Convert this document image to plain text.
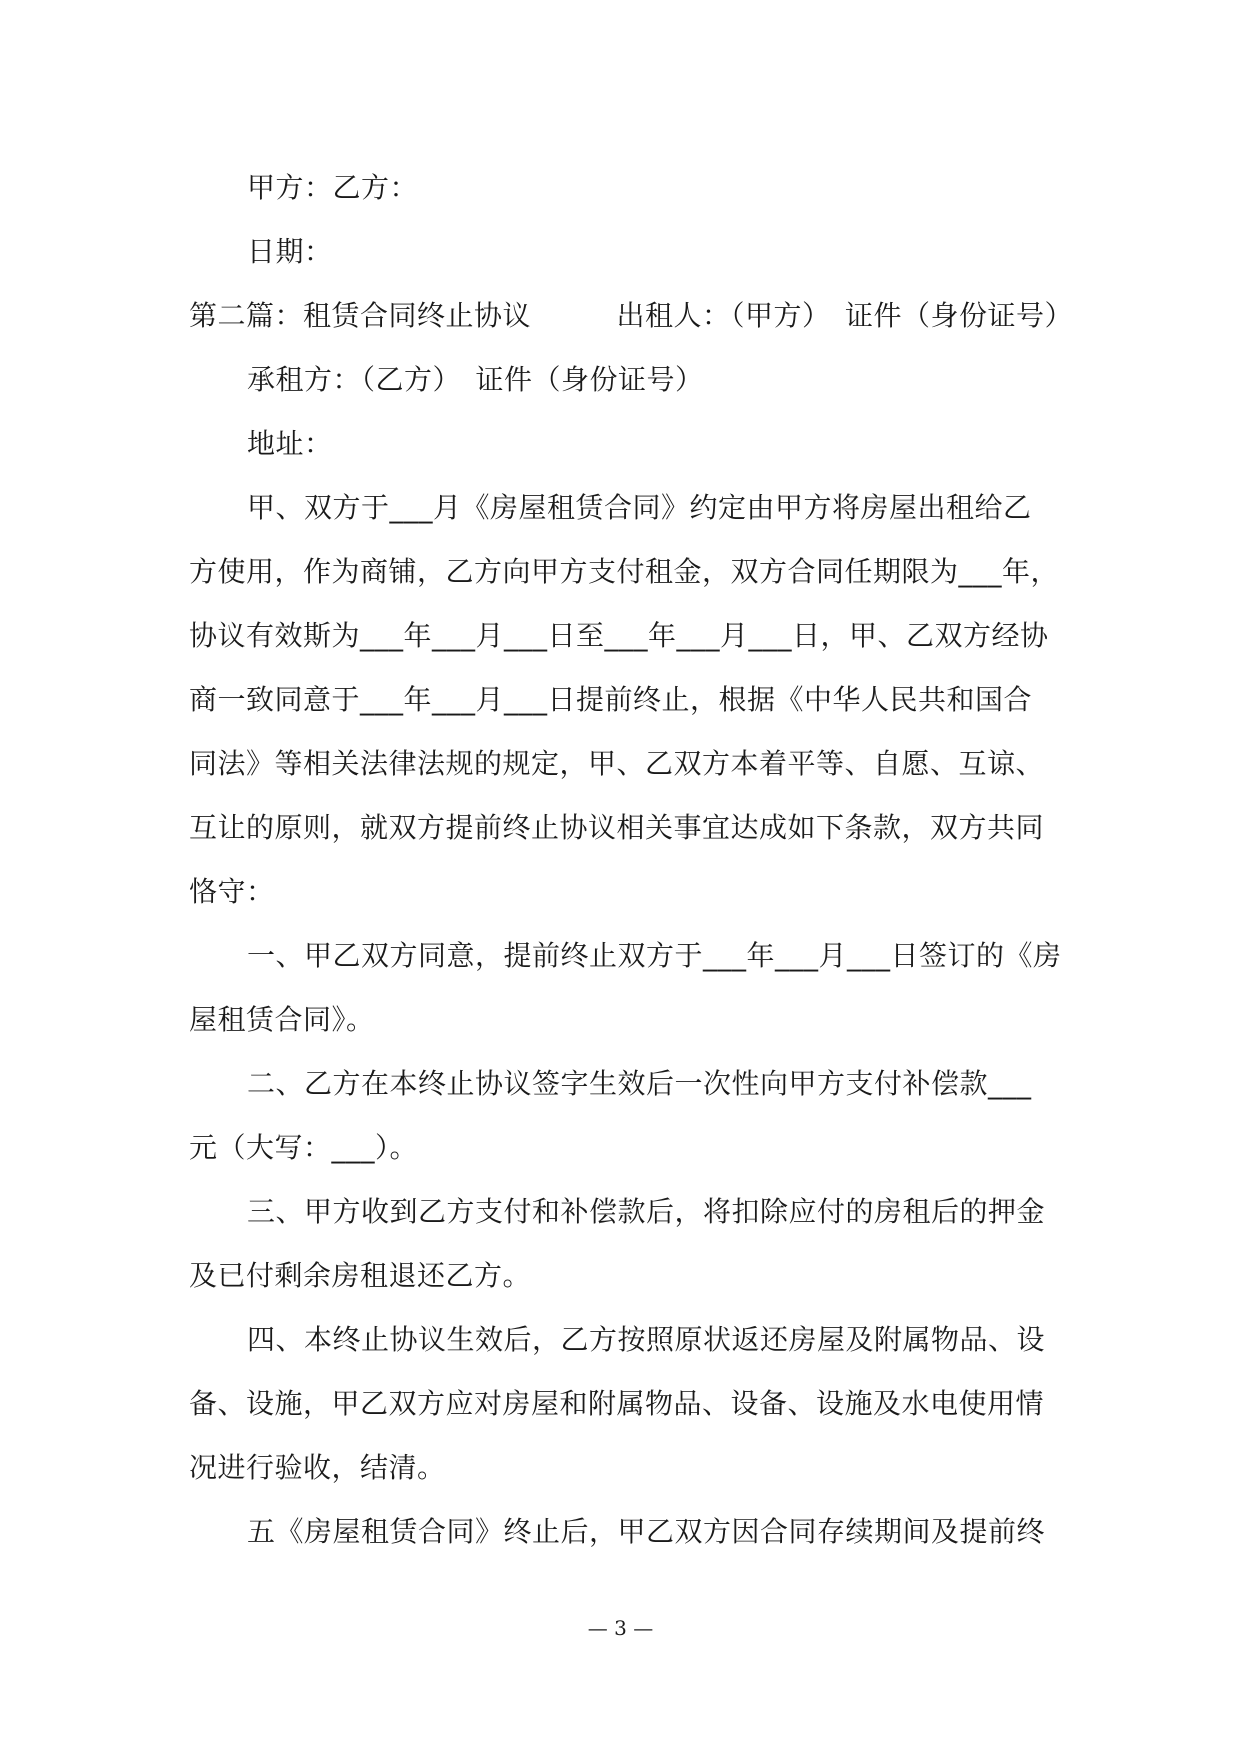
甲方：乙方：
日期：
第二篇：租赁合同终止协议　　　出租人：（甲方）　证件（身份证号）
承租方：（乙方）　证件（身份证号）
地址：
甲、双方于___月《房屋租赁合同》约定由甲方将房屋出租给乙
方使用，作为商铺，乙方向甲方支付租金，双方合同任期限为___年，
协议有效斯为___年___月___日至___年___月___日，甲、乙双方经协
商一致同意于___年___月___日提前终止，根据《中华人民共和国合
同法》等相关法律法规的规定，甲、乙双方本着平等、自愿、互谅、
互让的原则，就双方提前终止协议相关事宜达成如下条款，双方共同
恪守：
一、甲乙双方同意，提前终止双方于___年___月___日签订的《房
屋租赁合同》。
二、乙方在本终止协议签字生效后一次性向甲方支付补偿款___
元（大写：___）。
三、甲方收到乙方支付和补偿款后，将扣除应付的房租后的押金
及已付剩余房租退还乙方。
四、本终止协议生效后，乙方按照原状返还房屋及附属物品、设
备、设施，甲乙双方应对房屋和附属物品、设备、设施及水电使用情
况进行验收，结清。
五《房屋租赁合同》终止后，甲乙双方因合同存续期间及提前终
— 3 —
